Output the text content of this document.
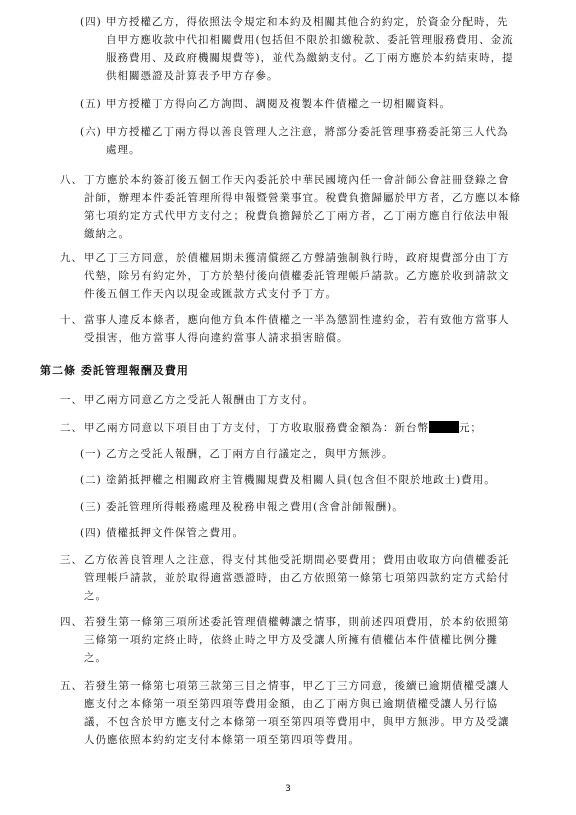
(四) 甲方授權乙方，得依照法令規定和本約及相關其他合約約定，於資金分配時，先
自甲方應收款中代扣相關費用(包括但不限於扣繳稅款、委託管理服務費用、金流
服務費用、及政府機關規費等)，並代為繳納支付。乙丁兩方應於本約結束時，提
供相關憑證及計算表予甲方存參。
(五) 甲方授權丁方得向乙方詢問、調閱及複製本件債權之一切相關資料。
(六) 甲方授權乙丁兩方得以善良管理人之注意，將部分委託管理事務委託第三人代為
處理。
八、 丁方應於本約簽訂後五個工作天內委託於中華民國境內任一會計師公會註冊登錄之會
計師，辦理本件委託管理所得申報暨營業事宜。稅費負擔歸屬於甲方者，乙方應以本條
第七項約定方式代甲方支付之；稅費負擔歸於乙丁兩方者，乙丁兩方應自行依法申報
繳納之。
九、 甲乙丁三方同意，於債權屆期未獲清償經乙方聲請強制執行時，政府規費部分由丁方
代墊，除另有約定外，丁方於墊付後向債權委託管理帳戶請款。乙方應於收到請款文
件後五個工作天內以現金或匯款方式支付予丁方。
十、 當事人違反本條者，應向他方負本件債權之一半為懲罰性違約金，若有致他方當事人
受損害，他方當事人得向違約當事人請求損害賠償。
第二條 委託管理報酬及費用
一、 甲乙兩方同意乙方之受託人報酬由丁方支付。
二、 甲乙兩方同意以下項目由丁方支付，丁方收取服務費金額為：新台幣	元；
(一) 乙方之受託人報酬，乙丁兩方自行議定之，與甲方無涉。
(二) 塗銷抵押權之相關政府主管機關規費及相關人員(包含但不限於地政士)費用。
(三) 委託管理所得帳務處理及稅務申報之費用(含會計師報酬)。
(四) 債權抵押文件保管之費用。
三、 乙方依善良管理人之注意，得支付其他受託期間必要費用；費用由收取方向債權委託
管理帳戶請款，並於取得適當憑證時，由乙方依照第一條第七項第四款約定方式給付
之。
四、 若發生第一條第三項所述委託管理債權轉讓之情事，則前述四項費用，於本約依照第
三條第一項約定終止時，依終止時之甲方及受讓人所擁有債權佔本件債權比例分攤
之。
五、 若發生第一條第七項第三款第三目之情事，甲乙丁三方同意，後續已逾期債權受讓人
應支付之本條第一項至第四項等費用金額，由乙丁兩方與已逾期債權受讓人另行協
議，不包含於甲方應支付之本條第一項至第四項等費用中，與甲方無涉。甲方及受讓
人仍應依照本約約定支付本條第一項至第四項等費用。
3
